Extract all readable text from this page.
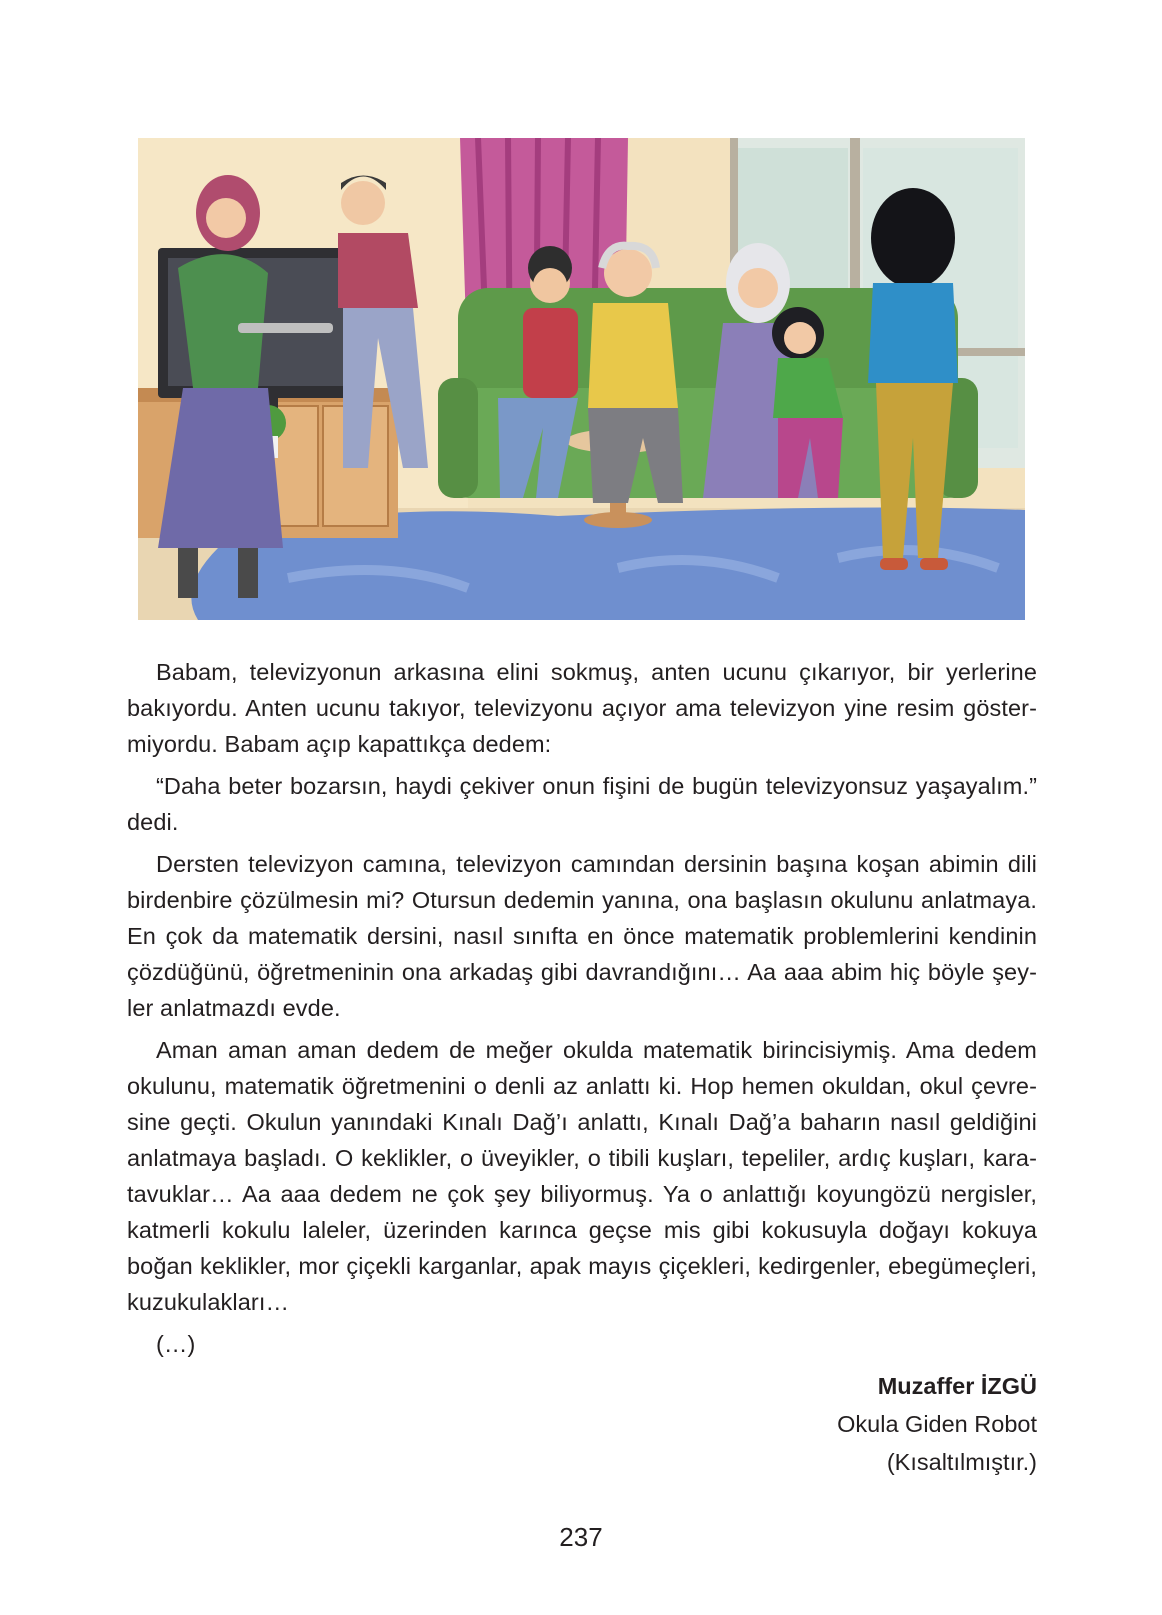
Babam, televizyonun arkasına elini sokmuş, anten ucunu çıkarıyor, bir yerlerine
bakıyordu. Anten ucunu takıyor, televizyonu açıyor ama televizyon yine resim göster-
miyordu. Babam açıp kapattıkça dedem:

“Daha beter bozarsın, haydi çekiver onun fişini de bugün televizyonsuz yaşayalım.”
dedi.

Dersten televizyon camına, televizyon camından dersinin başına koşan abimin dili
birdenbire çözülmesin mi? Otursun dedemin yanına, ona başlasın okulunu anlatmaya.
En çok da matematik dersini, nasıl sınıfta en önce matematik problemlerini kendinin
çözdüğünü, öğretmeninin ona arkadaş gibi davrandığını… Aa aaa abim hiç böyle şey-
ler anlatmazdı evde.

Aman aman aman dedem de meğer okulda matematik birincisiymiş. Ama dedem
okulunu, matematik öğretmenini o denli az anlattı ki. Hop hemen okuldan, okul çevre-
sine geçti. Okulun yanındaki Kınalı Dağ’ı anlattı, Kınalı Dağ’a baharın nasıl geldiğini
anlatmaya başladı. O keklikler, o üveyikler, o tibili kuşları, tepeliler, ardıç kuşları, kara-
tavuklar… Aa aaa dedem ne çok şey biliyormuş. Ya o anlattığı koyungözü nergisler,
katmerli kokulu laleler, üzerinden karınca geçse mis gibi kokusuyla doğayı kokuya
boğan keklikler, mor çiçekli karganlar, apak mayıs çiçekleri, kedirgenler, ebegümeçleri,
kuzukulakları…

(…)

Muzaffer İZGÜ
Okula Giden Robot
(Kısaltılmıştır.)
237
